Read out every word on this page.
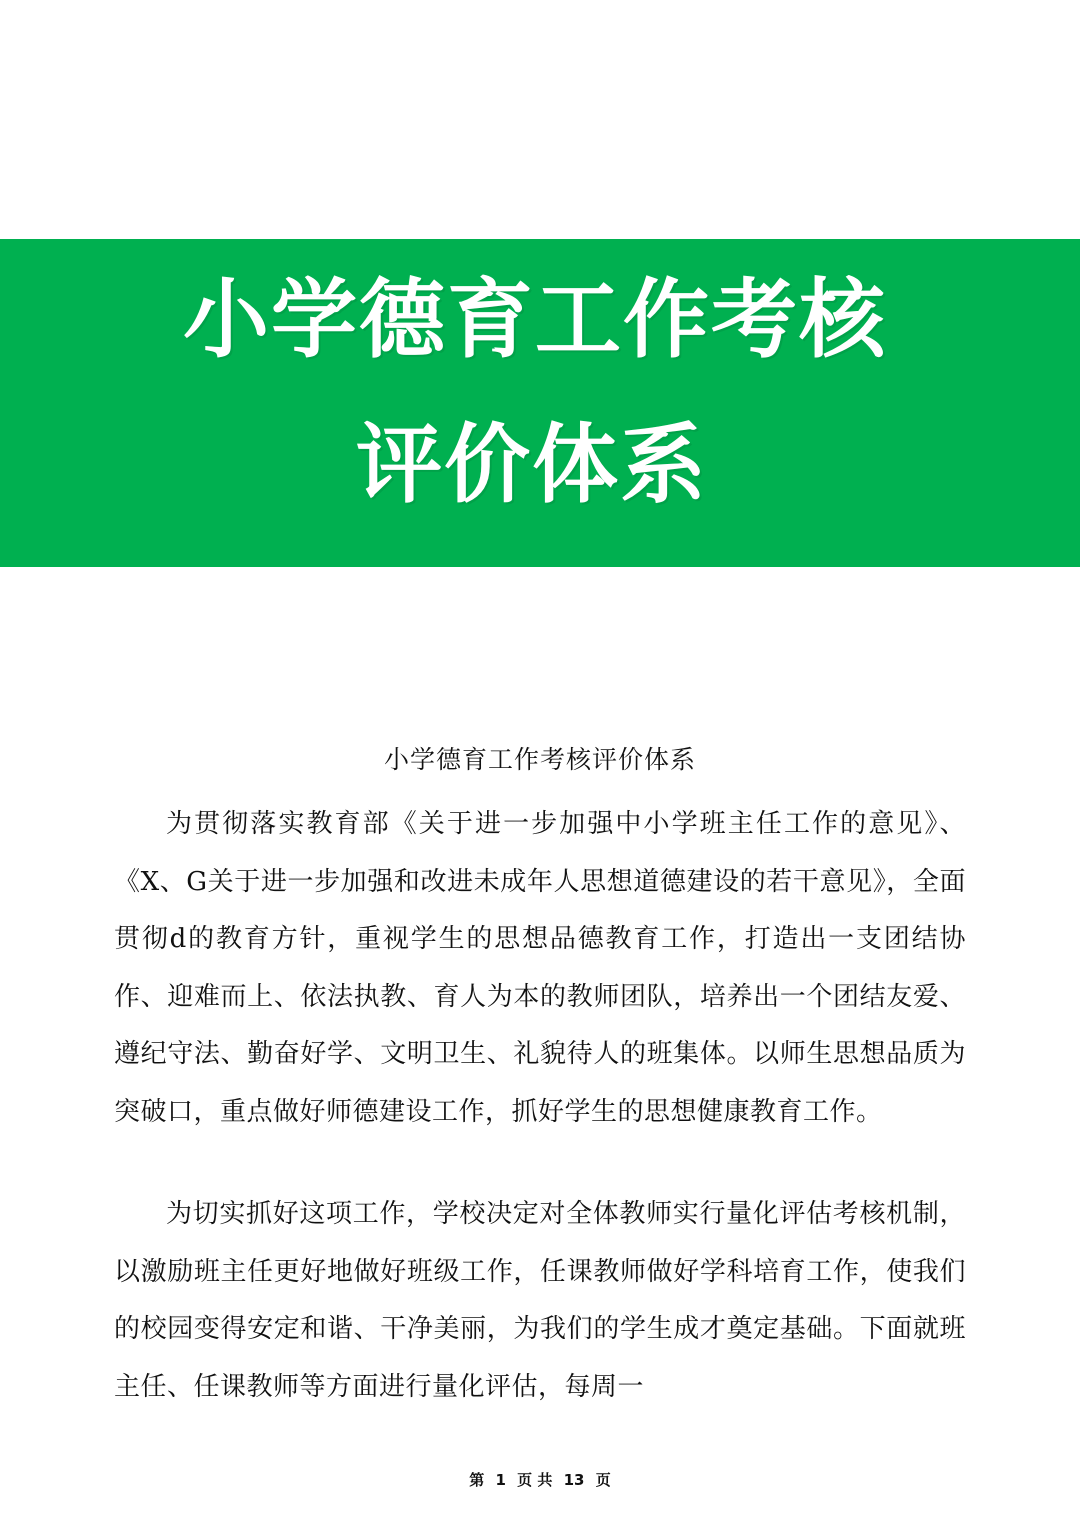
小学德育工作考核
评价体系
小学德育工作考核评价体系

为贯彻落实教育部《关于进一步加强中小学班主任工作的意见》、《X、G关于进一步加强和改进未成年人思想道德建设的若干意见》，全面贯彻d的教育方针，重视学生的思想品德教育工作，打造出一支团结协作、迎难而上、依法执教、育人为本的教师团队，培养出一个团结友爱、遵纪守法、勤奋好学、文明卫生、礼貌待人的班集体。以师生思想品质为突破口，重点做好师德建设工作，抓好学生的思想健康教育工作。

为切实抓好这项工作，学校决定对全体教师实行量化评估考核机制，以激励班主任更好地做好班级工作，任课教师做好学科培育工作，使我们的校园变得安定和谐、干净美丽，为我们的学生成才奠定基础。下面就班主任、任课教师等方面进行量化评估，每周一

第 1 页 共 13 页
